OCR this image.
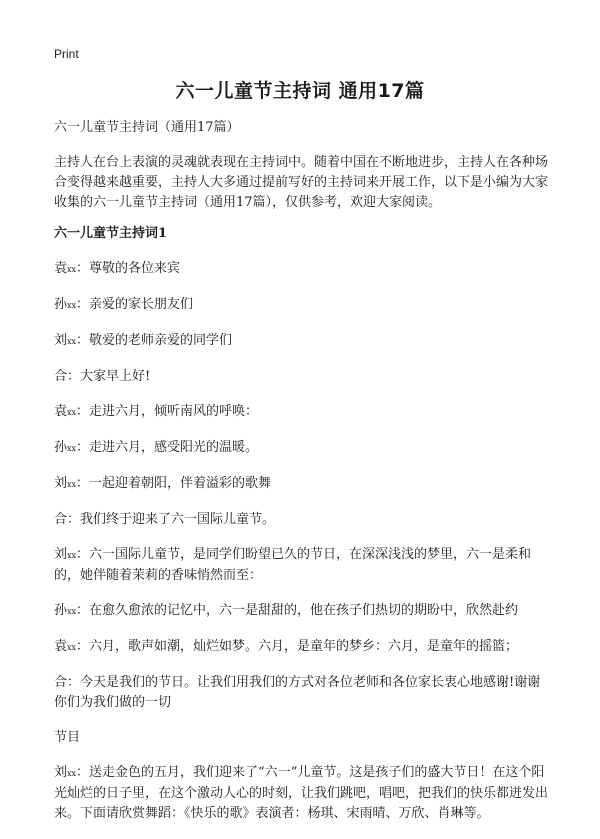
Print
六一儿童节主持词 通用17篇

六一儿童节主持词（通用17篇）

主持人在台上表演的灵魂就表现在主持词中。随着中国在不断地进步，主持人在各种场合变得越来越重要，主持人大多通过提前写好的主持词来开展工作，以下是小编为大家收集的六一儿童节主持词（通用17篇），仅供参考，欢迎大家阅读。

六一儿童节主持词1

袁xx：尊敬的各位来宾

孙xx：亲爱的家长朋友们

刘xx：敬爱的老师亲爱的同学们

合：大家早上好!

袁xx：走进六月，倾听南风的呼唤：

孙xx：走进六月，感受阳光的温暖。

刘xx：一起迎着朝阳，伴着溢彩的歌舞

合：我们终于迎来了六一国际儿童节。

刘xx：六一国际儿童节，是同学们盼望已久的节日，在深深浅浅的梦里，六一是柔和的，她伴随着茉莉的香味悄然而至：

孙xx：在愈久愈浓的记忆中，六一是甜甜的，他在孩子们热切的期盼中，欣然赴约

袁xx：六月，歌声如潮，灿烂如梦。六月，是童年的梦乡：六月，是童年的摇篮；

合：今天是我们的节日。让我们用我们的方式对各位老师和各位家长衷心地感谢!谢谢你们为我们做的一切

节目

刘xx：送走金色的五月，我们迎来了“六一”儿童节。这是孩子们的盛大节日！在这个阳光灿烂的日子里，在这个激动人心的时刻，让我们跳吧，唱吧，把我们的快乐都迸发出来。下面请欣赏舞蹈：《快乐的歌》表演者：杨琪、宋雨晴、万欣、肖琳等。
